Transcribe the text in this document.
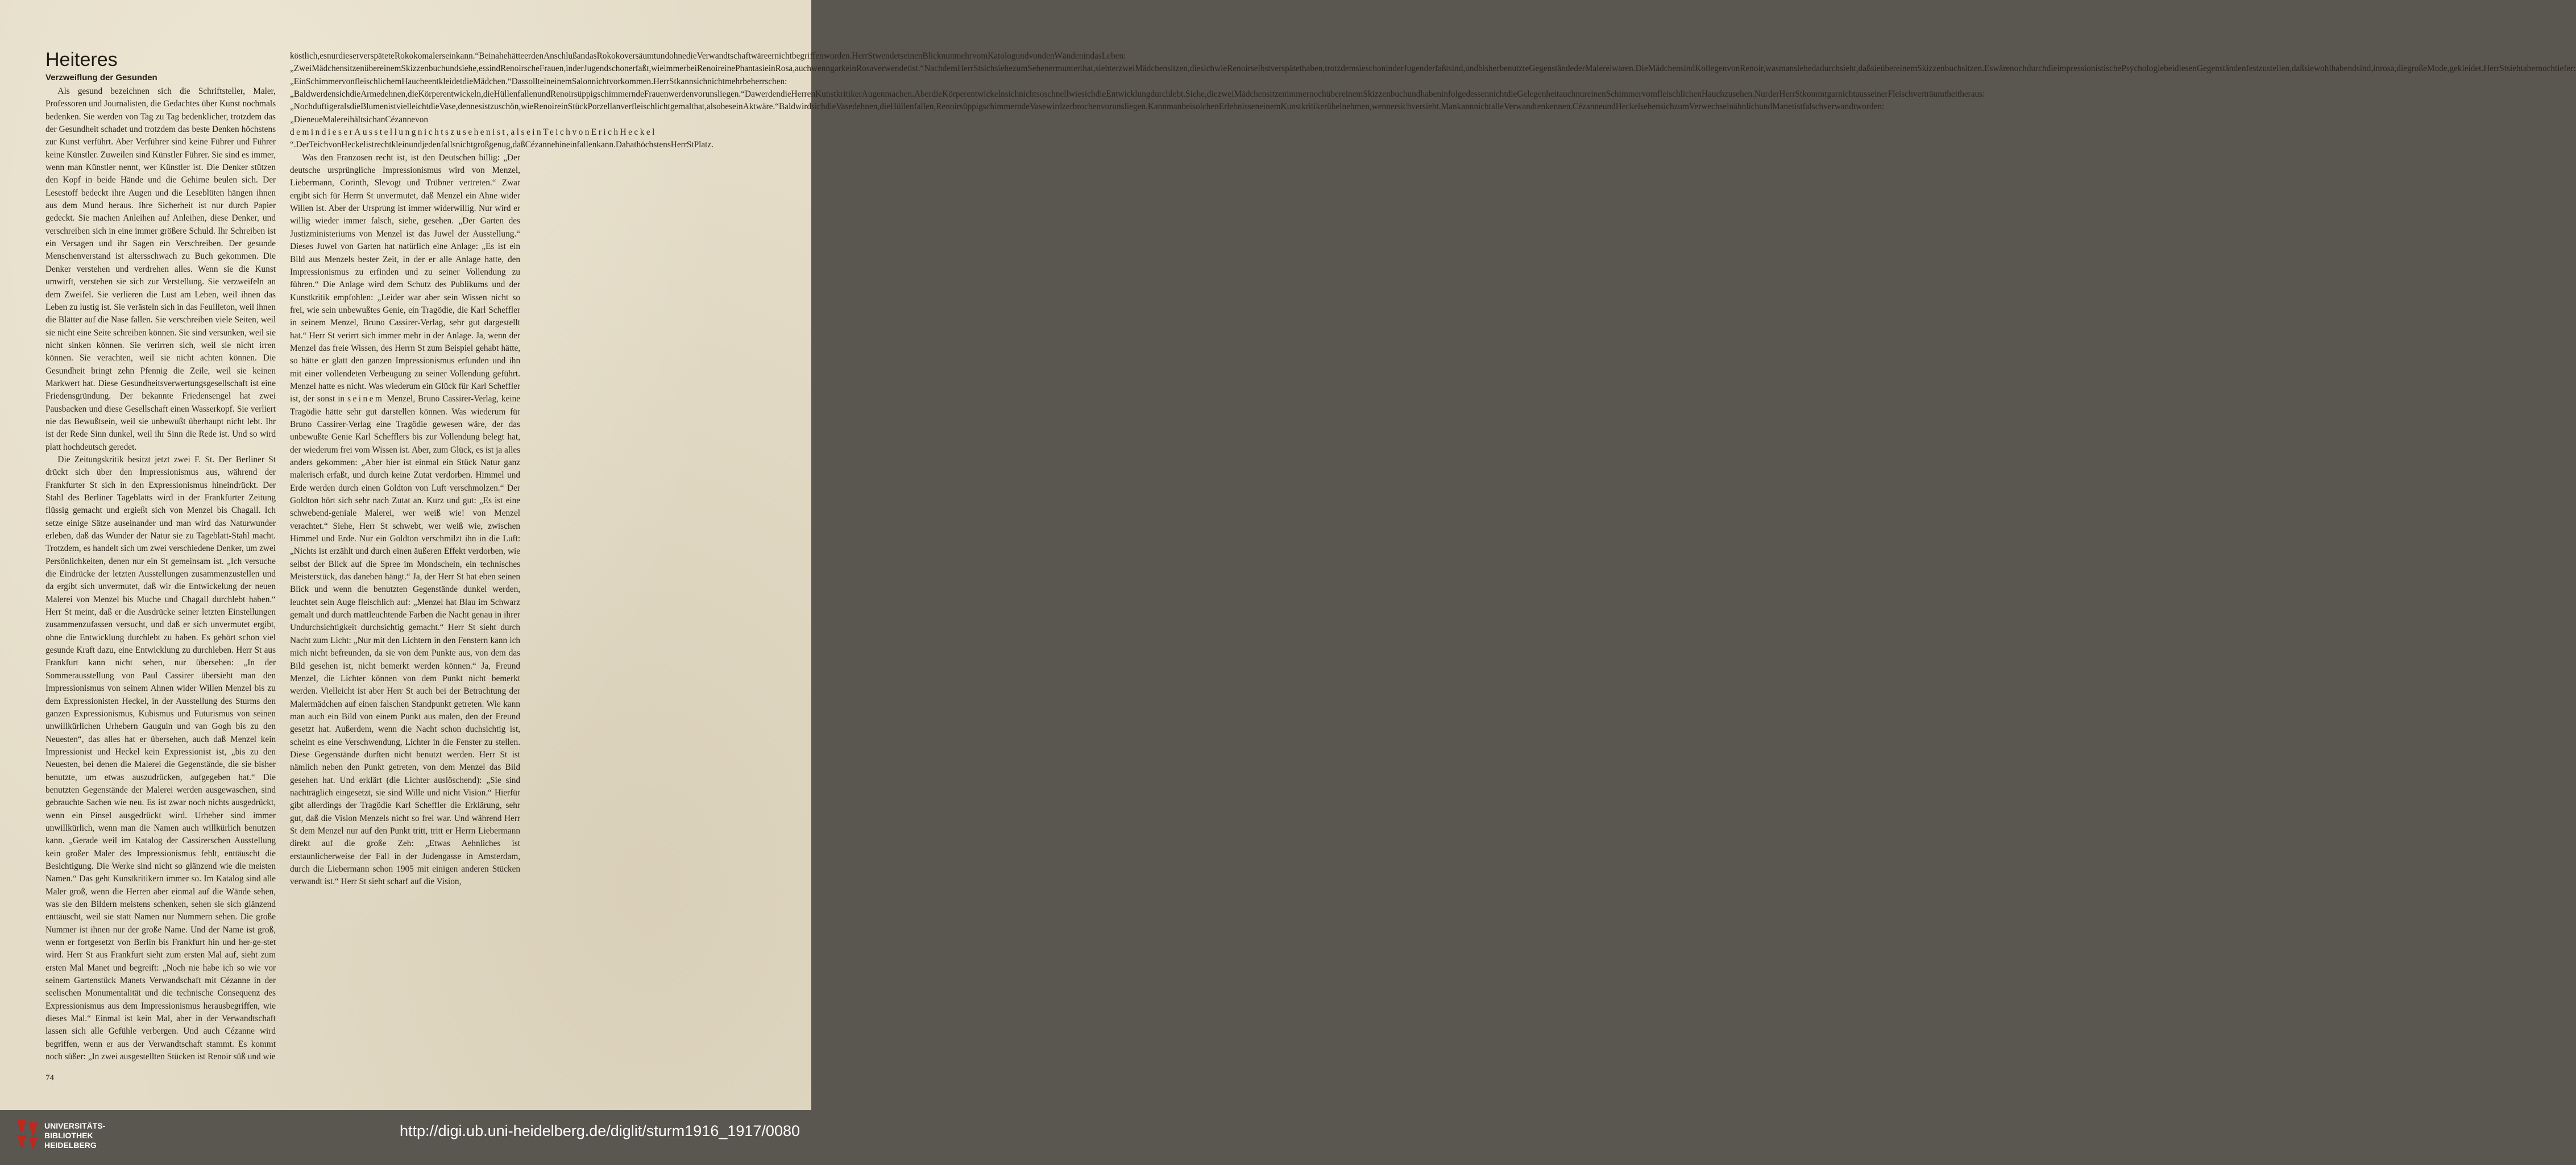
Heiteres
Verzweiflung der Gesunden

Als gesund bezeichnen sich die Schriftsteller, Maler, Professoren und Journalisten, die Gedachtes über Kunst nochmals bedenken. Sie werden von Tag zu Tag bedenklicher, trotzdem das der Gesundheit schadet und trotzdem das beste Denken höchstens zur Kunst verführt. Aber Verführer sind keine Führer und Führer keine Künstler. Zuweilen sind Künstler Führer. Sie sind es immer, wenn man Künstler nennt, wer Künstler ist. Die Denker stützen den Kopf in beide Hände und die Gehirne beulen sich. Der Lesestoff bedeckt ihre Augen und die Leseblüten hängen ihnen aus dem Mund heraus. Ihre Sicherheit ist nur durch Papier gedeckt. Sie machen Anleihen auf Anleihen, diese Denker, und verschreiben sich in eine immer größere Schuld. Ihr Schreiben ist ein Versagen und ihr Sagen ein Verschreiben. Der gesunde Menschenverstand ist altersschwach zu Buch gekommen. Die Denker verstehen und verdrehen alles. Wenn sie die Kunst umwirft, verstehen sie sich zur Verstellung. Sie verzweifeln an dem Zweifel. Sie verlieren die Lust am Leben, weil ihnen das Leben zu lustig ist. Sie verästeln sich in das Feuilleton, weil ihnen die Blätter auf die Nase fallen. Sie verschreiben viele Seiten, weil sie nicht eine Seite schreiben können. Sie sind versunken, weil sie nicht sinken können. Sie verirren sich, weil sie nicht irren können. Sie verachten, weil sie nicht achten können. Die Gesundheit bringt zehn Pfennig die Zeile, weil sie keinen Markwert hat. Diese Gesundheitsverwertungsgesellschaft ist eine Friedensgründung. Der bekannte Friedensengel hat zwei Pausbacken und diese Gesellschaft einen Wasserkopf. Sie verliert nie das Bewußtsein, weil sie unbewußt überhaupt nicht lebt. Ihr ist der Rede Sinn dunkel, weil ihr Sinn die Rede ist. Und so wird platt hochdeutsch geredet.

Die Zeitungskritik besitzt jetzt zwei F. St. Der Berliner St drückt sich über den Impressionismus aus, während der Frankfurter St sich in den Expressionismus hineindrückt. Der Stahl des Berliner Tageblatts wird in der Frankfurter Zeitung flüssig gemacht und ergießt sich von Menzel bis Chagall. Ich setze einige Sätze auseinander und man wird das Naturwunder erleben, daß das Wunder der Natur sie zu Tageblatt-Stahl macht. Trotzdem, es handelt sich um zwei verschiedene Denker, um zwei Persönlichkeiten, denen nur ein St gemeinsam ist. „Ich versuche die Eindrücke der letzten Ausstellungen zusammenzustellen und da ergibt sich unvermutet, daß wir die Entwickelung der neuen Malerei von Menzel bis Muche und Chagall durchlebt haben.“ Herr St meint, daß er die Ausdrücke seiner letzten Einstellungen zusammenzufassen versucht, und daß er sich unvermutet ergibt, ohne die Entwicklung durchlebt zu haben. Es gehört schon viel gesunde Kraft dazu, eine Entwicklung zu durchleben. Herr St aus Frankfurt kann nicht sehen, nur übersehen: „In der Sommerausstellung von Paul Cassirer übersieht man den Impressionismus von seinem Ahnen wider Willen Menzel bis zu dem Expressionisten Heckel, in der Ausstellung des Sturms den ganzen Expressionismus, Kubismus und Futurismus von seinen unwillkürlichen Urhebern Gauguin und van Gogh bis zu den Neuesten“, das alles hat er übersehen, auch daß Menzel kein Impressionist und Heckel kein Expressionist ist, „bis zu den Neuesten, bei denen die Malerei die Gegenstände, die sie bisher benutzte, um etwas auszudrücken, aufgegeben hat.“ Die benutzten Gegenstände der Malerei werden ausgewaschen, sind gebrauchte Sachen wie neu. Es ist zwar noch nichts ausgedrückt, wenn ein Pinsel ausgedrückt wird. Urheber sind immer unwillkürlich, wenn man die Namen auch willkürlich benutzen kann. „Gerade weil im Katalog der Cassirerschen Ausstellung kein großer Maler des Impressionismus fehlt, enttäuscht die Besichtigung. Die Werke sind nicht so glänzend wie die meisten Namen.“ Das geht Kunstkritikern immer so. Im Katalog sind alle Maler groß, wenn die Herren aber einmal auf die Wände sehen, was sie den Bildern meistens schenken, sehen sie sich glänzend enttäuscht, weil sie statt Namen nur Nummern sehen. Die große Nummer ist ihnen nur der große Name. Und der Name ist groß, wenn er fortgesetzt von Berlin bis Frankfurt hin und her-ge-stet wird. Herr St aus Frankfurt sieht zum ersten Mal auf, sieht zum ersten Mal Manet und begreift: „Noch nie habe ich so wie vor seinem Gartenstück Manets Verwandschaft mit Cézanne in der seelischen Monumentalität und die technische Consequenz des Expressionismus aus dem Impressionismus herausbegriffen, wie dieses Mal.“ Einmal ist kein Mal, aber in der Verwandtschaft lassen sich alle Gefühle verbergen. Und auch Cézanne wird begriffen, wenn er aus der Verwandtschaft stammt. Es kommt noch süßer: „In zwei ausgestellten Stücken ist Renoir süß und wie

köstlich,esnurdieserverspäteteRokokomalerseinkann.“BeinahehätteerdenAnschlußandasRokokoversäumtundohnedieVerwandtschaftwäreernichtbegriffenworden.HerrStwendetseinenBlicknunmehrvomKatologundvondenWändenindasLeben:„ZweiMädchensitzenübereinemSkizzenbuchundsiehe,essindRenoirscheFrauen,inderJugendschonerfaßt,wieimmerbeiRenoireinePhantasieinRosa,auchwenngarkeinRosaverwendetist.“NachdemHerrStsichsiehezumSehenermunterthat,siehterzweiMädchensitzen,diesichwieRenoirselbstverspätethaben,trotzdemsieschoninderJugenderfaßtsind,undbisherbenutzteGegenständederMalereiwaren.DieMädchensindKollegenvonRenoir,wasmansiehedadurchsieht,daßsieübereinemSkizzenbuchsitzen.EswärenochdurchdieimpressionistischePsychologiebeidiesenGegenständenfestzustellen,daßsiewohlhabendsind,inrosa,diegroßeMode,gekleidet.HerrStsiehtabernochtiefer:„EinSchimmervonfleischlichemHaucheentkleidetdieMädchen.“DassollteineinemSalonnichtvorkommen.HerrStkannsichnichtmehrbeherrschen:„BaldwerdensichdieArmedehnen,dieKörperentwickeln,dieHüllenfallenundRenoirsüppigschimmerndeFrauenwerdenvorunsliegen.“DawerdendieHerrenKunstkritikerAugenmachen.AberdieKörperentwickelnsichnichtsoschnellwiesichdieEntwicklungdurchlebt.Siehe,diezweiMädchensitzenimmernochübereinemSkizzenbuchundhabeninfolgedessennichtdieGelegenheitauchnureinenSchimmervomfleischlichenHauchzusehen.NurderHerrStkommtgarnichtausseinerFleischverträumtheitheraus:„NochduftigeralsdieBlumenistvielleichtdieVase,dennesistzuschön,wieRenoireinStückPorzellanverfleischlichtgemalthat,alsobeseinAktwäre.“BaldwirdsichdieVasedehnen,dieHüllenfallen,RenoirsüppigschimmerndeVasewirdzerbrochenvorunsliegen.KannmanbeisolchenErlebnisseneinemKunstkritikerübelnehmen,wennersichversieht.MankannnichtalleVerwandtenkennen.CézanneundHeckelsehensichzumVerwechselnähnlichundManetistfalschverwandtworden:„DieneueMalereihältsichanCézannevon demindieserAusstellungnichtszusehenist,alseinTeichvonErichHeckel “.DerTeichvonHeckelistrechtkleinundjedenfallsnichtgroßgenug,daßCézannehineinfallenkann.DahathöchstensHerrStPlatz.

Was den Franzosen recht ist, ist den Deutschen billig: „Der deutsche ursprüngliche Impressionismus wird von Menzel, Liebermann, Corinth, Slevogt und Trübner vertreten.“ Zwar ergibt sich für Herrn St unvermutet, daß Menzel ein Ahne wider Willen ist. Aber der Ursprung ist immer widerwillig. Nur wird er willig wieder immer falsch, siehe, gesehen. „Der Garten des Justizministeriums von Menzel ist das Juwel der Ausstellung.“ Dieses Juwel von Garten hat natürlich eine Anlage: „Es ist ein Bild aus Menzels bester Zeit, in der er alle Anlage hatte, den Impressionismus zu erfinden und zu seiner Vollendung zu führen.“ Die Anlage wird dem Schutz des Publikums und der Kunstkritik empfohlen: „Leider war aber sein Wissen nicht so frei, wie sein unbewußtes Genie, ein Tragödie, die Karl Scheffler in seinem Menzel, Bruno Cassirer-Verlag, sehr gut dargestellt hat.“ Herr St verirrt sich immer mehr in der Anlage. Ja, wenn der Menzel das freie Wissen, des Herrn St zum Beispiel gehabt hätte, so hätte er glatt den ganzen Impressionismus erfunden und ihn mit einer vollendeten Verbeugung zu seiner Vollendung geführt. Menzel hatte es nicht. Was wiederum ein Glück für Karl Scheffler ist, der sonst in seinem Menzel, Bruno Cassirer-Verlag, keine Tragödie hätte sehr gut darstellen können. Was wiederum für Bruno Cassirer-Verlag eine Tragödie gewesen wäre, der das unbewußte Genie Karl Schefflers bis zur Vollendung belegt hat, der wiederum frei vom Wissen ist. Aber, zum Glück, es ist ja alles anders gekommen: „Aber hier ist einmal ein Stück Natur ganz malerisch erfaßt, und durch keine Zutat verdorben. Himmel und Erde werden durch einen Goldton von Luft verschmolzen.“ Der Goldton hört sich sehr nach Zutat an. Kurz und gut: „Es ist eine schwebend-geniale Malerei, wer weiß wie! von Menzel verachtet.“ Siehe, Herr St schwebt, wer weiß wie, zwischen Himmel und Erde. Nur ein Goldton verschmilzt ihn in die Luft: „Nichts ist erzählt und durch einen äußeren Effekt verdorben, wie selbst der Blick auf die Spree im Mondschein, ein technisches Meisterstück, das daneben hängt.“ Ja, der Herr St hat eben seinen Blick und wenn die benutzten Gegenstände dunkel werden, leuchtet sein Auge fleischlich auf: „Menzel hat Blau im Schwarz gemalt und durch mattleuchtende Farben die Nacht genau in ihrer Undurchsichtigkeit durchsichtig gemacht.“ Herr St sieht durch Nacht zum Licht: „Nur mit den Lichtern in den Fenstern kann ich mich nicht befreunden, da sie von dem Punkte aus, von dem das Bild gesehen ist, nicht bemerkt werden können.“ Ja, Freund Menzel, die Lichter können von dem Punkt nicht bemerkt werden. Vielleicht ist aber Herr St auch bei der Betrachtung der Malermädchen auf einen falschen Standpunkt getreten. Wie kann man auch ein Bild von einem Punkt aus malen, den der Freund gesetzt hat. Außerdem, wenn die Nacht schon duchsichtig ist, scheint es eine Verschwendung, Lichter in die Fenster zu stellen. Diese Gegenstände durften nicht benutzt werden. Herr St ist nämlich neben den Punkt getreten, von dem Menzel das Bild gesehen hat. Und erklärt (die Lichter auslöschend): „Sie sind nachträglich eingesetzt, sie sind Wille und nicht Vision.“ Hierfür gibt allerdings der Tragödie Karl Scheffler die Erklärung, sehr gut, daß die Vision Menzels nicht so frei war. Und während Herr St dem Menzel nur auf den Punkt tritt, tritt er Herrn Liebermann direkt auf die große Zeh: „Etwas Aehnliches ist erstaunlicherweise der Fall in der Judengasse in Amsterdam, durch die Liebermann schon 1905 mit einigen anderen Stücken verwandt ist.“ Herr St sieht scharf auf die Vision,

74
UNIVERSITÄTS-
BIBLIOTHEK
HEIDELBERG
http://digi.ub.uni-heidelberg.de/diglit/sturm1916_1917/0080
